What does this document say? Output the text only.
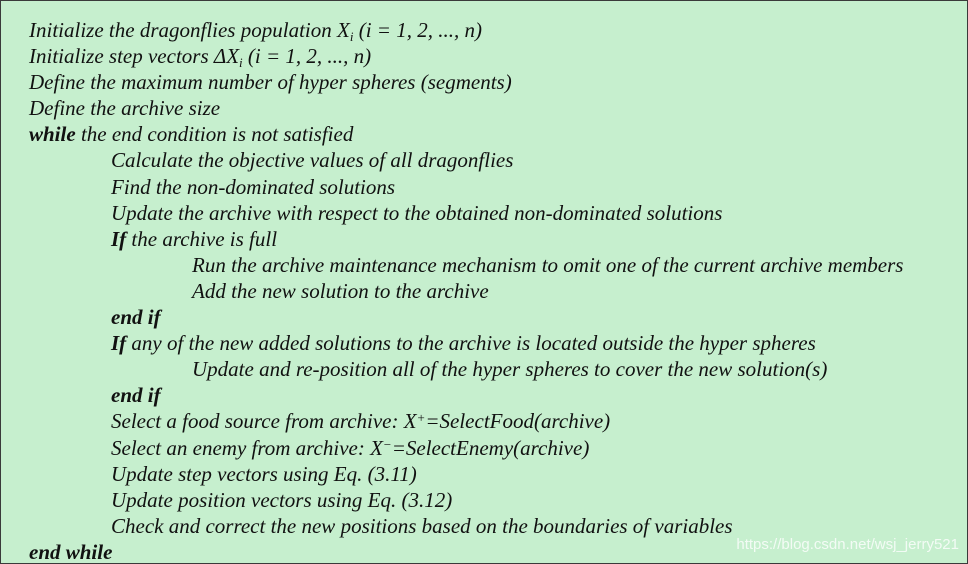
Initialize the dragonflies population $X_i$ (i = 1, 2, ..., n)
Initialize step vectors $\Delta X_i$ (i = 1, 2, ..., n)
Define the maximum number of hyper spheres (segments)
Define the archive size
while the end condition is not satisfied
Calculate the objective values of all dragonflies
Find the non-dominated solutions
Update the archive with respect to the obtained non-dominated solutions
If the archive is full
Run the archive maintenance mechanism to omit one of the current archive members
Add the new solution to the archive
end if
If any of the new added solutions to the archive is located outside the hyper spheres
Update and re-position all of the hyper spheres to cover the new solution(s)
end if
Select a food source from archive: X+=SelectFood(archive)
Select an enemy from archive: X−=SelectEnemy(archive)
Update step vectors using Eq. (3.11)
Update position vectors using Eq. (3.12)
Check and correct the new positions based on the boundaries of variables
end while	https://blog.csdn.net/wsj_jerry521
